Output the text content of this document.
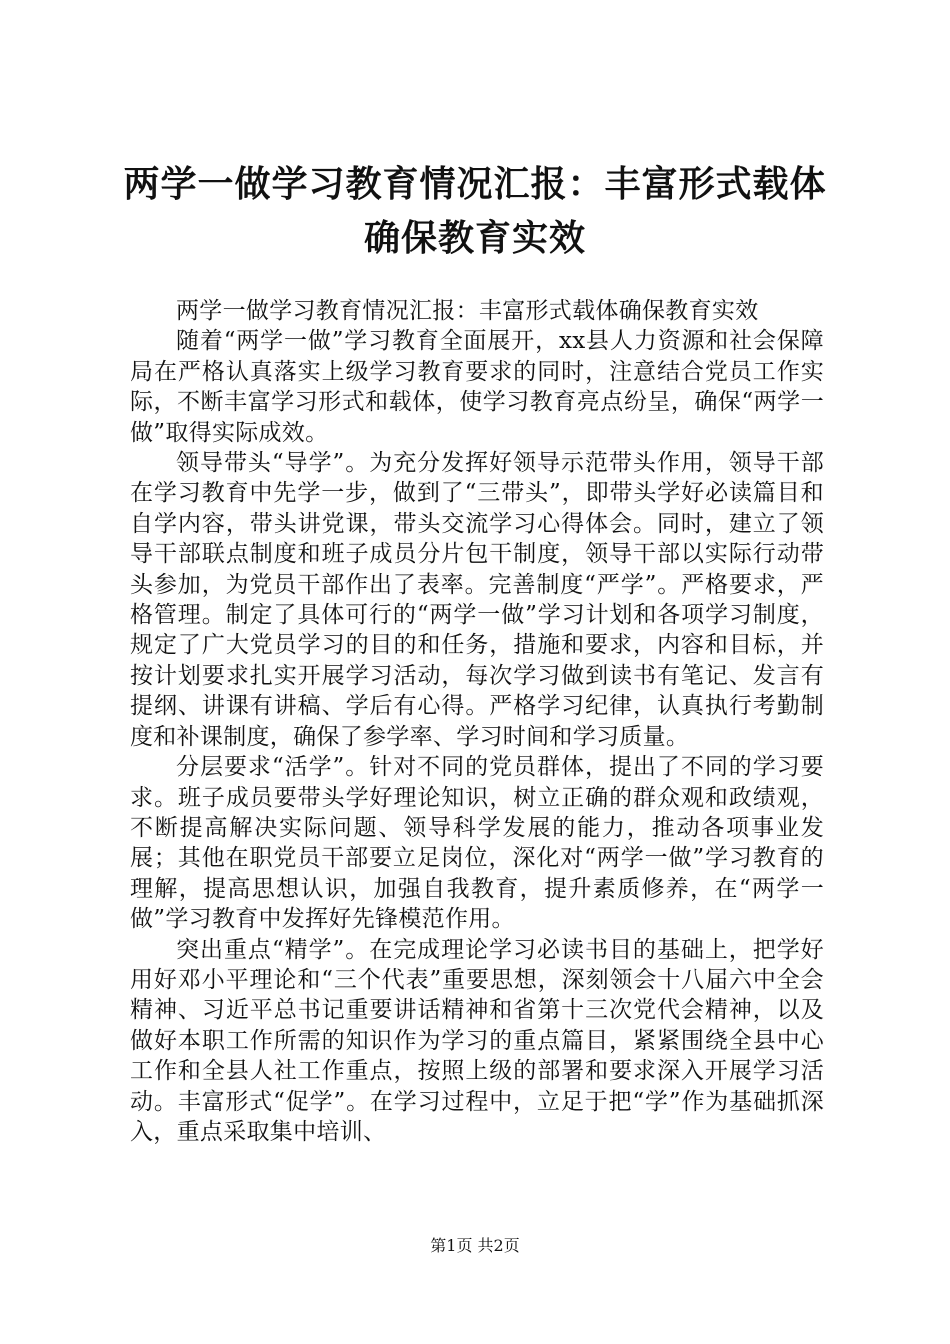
两学一做学习教育情况汇报：丰富形式载体确保教育实效

两学一做学习教育情况汇报：丰富形式载体确保教育实效

随着“两学一做”学习教育全面展开，xx县人力资源和社会保障局在严格认真落实上级学习教育要求的同时，注意结合党员工作实际，不断丰富学习形式和载体，使学习教育亮点纷呈，确保“两学一做”取得实际成效。

领导带头“导学”。为充分发挥好领导示范带头作用，领导干部在学习教育中先学一步，做到了“三带头”，即带头学好必读篇目和自学内容，带头讲党课，带头交流学习心得体会。同时，建立了领导干部联点制度和班子成员分片包干制度，领导干部以实际行动带头参加，为党员干部作出了表率。完善制度“严学”。严格要求，严格管理。制定了具体可行的“两学一做”学习计划和各项学习制度，规定了广大党员学习的目的和任务，措施和要求，内容和目标，并按计划要求扎实开展学习活动，每次学习做到读书有笔记、发言有提纲、讲课有讲稿、学后有心得。严格学习纪律，认真执行考勤制度和补课制度，确保了参学率、学习时间和学习质量。

分层要求“活学”。针对不同的党员群体，提出了不同的学习要求。班子成员要带头学好理论知识，树立正确的群众观和政绩观，不断提高解决实际问题、领导科学发展的能力，推动各项事业发展；其他在职党员干部要立足岗位，深化对“两学一做”学习教育的理解，提高思想认识，加强自我教育，提升素质修养，在“两学一做”学习教育中发挥好先锋模范作用。

突出重点“精学”。在完成理论学习必读书目的基础上，把学好用好邓小平理论和“三个代表”重要思想，深刻领会十八届六中全会精神、习近平总书记重要讲话精神和省第十三次党代会精神，以及做好本职工作所需的知识作为学习的重点篇目，紧紧围绕全县中心工作和全县人社工作重点，按照上级的部署和要求深入开展学习活动。丰富形式“促学”。在学习过程中，立足于把“学”作为基础抓深入，重点采取集中培训、

第1页 共2页
